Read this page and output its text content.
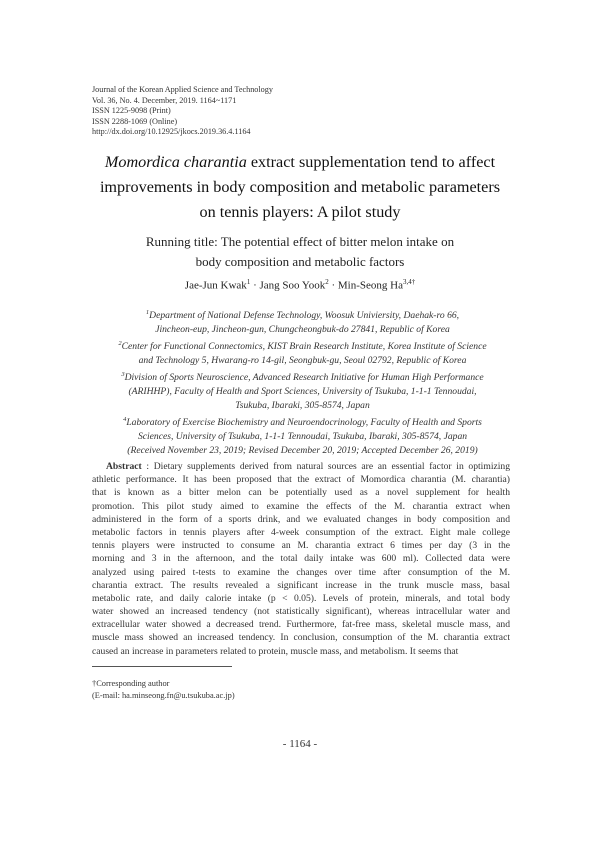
Journal of the Korean Applied Science and Technology
Vol. 36, No. 4. December, 2019. 1164~1171
ISSN 1225-9098 (Print)
ISSN 2288-1069 (Online)
http://dx.doi.org/10.12925/jkocs.2019.36.4.1164
Momordica charantia extract supplementation tend to affect
improvements in body composition and metabolic parameters
on tennis players: A pilot study
Running title: The potential effect of bitter melon intake on
body composition and metabolic factors
Jae-Jun Kwak$^1$ · Jang Soo Yook$^2$ · Min-Seong $Ha^{3,4\dagger}$
$^1$Department of National Defense Technology, Woosuk Univiersity, Daehak-ro 66,
Jincheon-eup, Jincheon-gun, Chungcheongbuk-do 27841, Republic of Korea
$^2$Center for Functional Connectomics, KIST Brain Research Institute, Korea Institute of Science
and Technology 5, Hwarang-ro 14-gil, Seongbuk-gu, Seoul 02792, Republic of Korea
$^3$Division of Sports Neuroscience, Advanced Research Initiative for Human High Performance
(ARIHHP), Faculty of Health and Sport Sciences, University of Tsukuba, 1-1-1 Tennoudai,
Tsukuba, Ibaraki, 305-8574, Japan
$^4$Laboratory of Exercise Biochemistry and Neuroendocrinology, Faculty of Health and Sports
Sciences, University of Tsukuba, 1-1-1 Tennoudai, Tsukuba, Ibaraki, 305-8574, Japan
(Received November 23, 2019; Revised December 20, 2019; Accepted December 26, 2019)
Abstract : Dietary supplements derived from natural sources are an essential factor in optimizing
athletic performance. It has been proposed that the extract of Momordica charantia (M. charantia)
that is known as a bitter melon can be potentially used as a novel supplement for health
promotion. This pilot study aimed to examine the effects of the M. charantia extract when
administered in the form of a sports drink, and we evaluated changes in body composition and
metabolic factors in tennis players after 4-week consumption of the extract. Eight male college
tennis players were instructed to consume an M. charantia extract 6 times per day (3 in the
morning and 3 in the afternoon, and the total daily intake was 600 ml). Collected data were
analyzed using paired t-tests to examine the changes over time after consumption of the M.
charantia extract. The results revealed a significant increase in the trunk muscle mass, basal
metabolic rate, and daily calorie intake (p < 0.05). Levels of protein, minerals, and total body
water showed an increased tendency (not statistically significant), whereas intracellular water and
extracellular water showed a decreased trend. Furthermore, fat-free mass, skeletal muscle mass, and
muscle mass showed an increased tendency. In conclusion, consumption of the M. charantia extract
caused an increase in parameters related to protein, muscle mass, and metabolism. It seems that
†Corresponding author
(E-mail: ha.minseong.fn@u.tsukuba.ac.jp)
- 1164 -
